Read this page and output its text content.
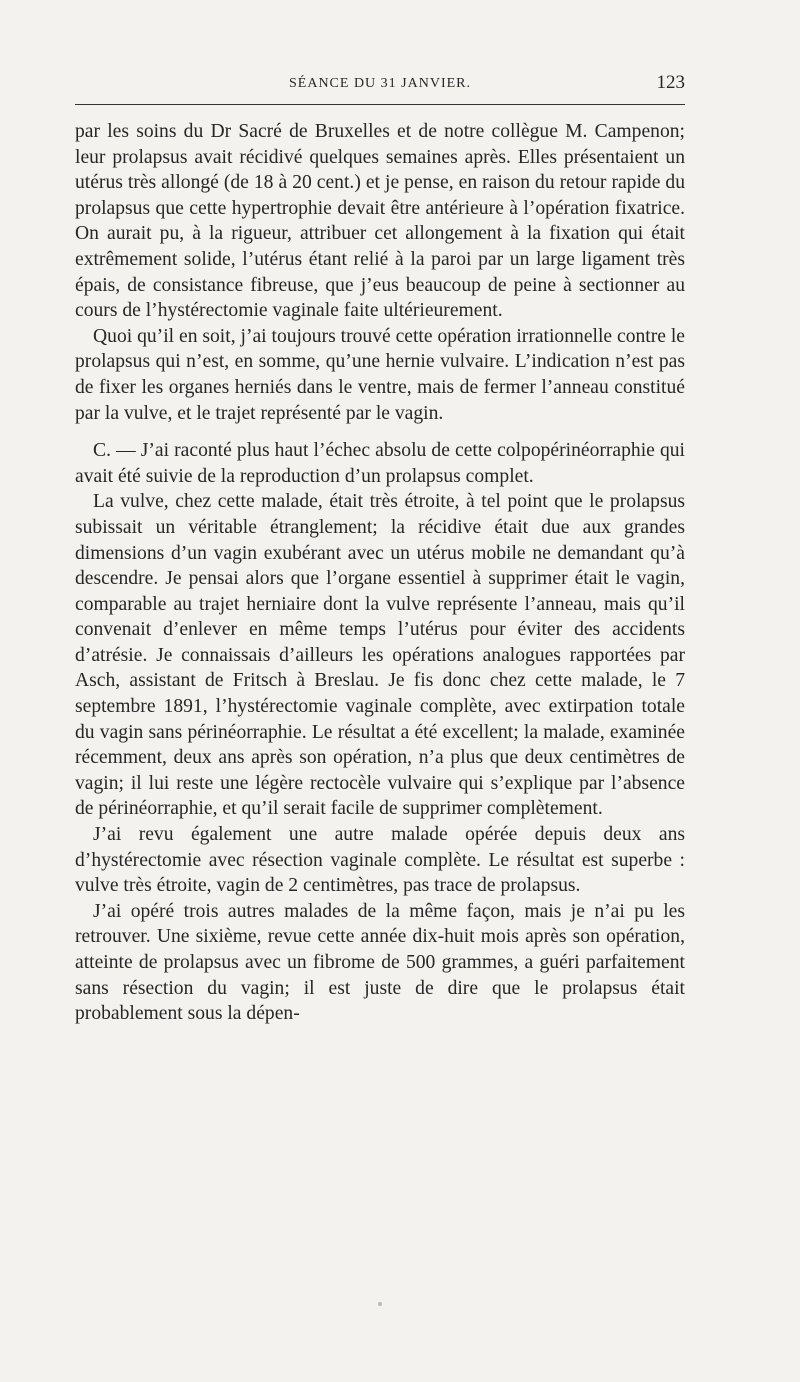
SÉANCE DU 31 JANVIER.	123

par les soins du Dr Sacré de Bruxelles et de notre collègue M. Campenon; leur prolapsus avait récidivé quelques semaines après. Elles présentaient un utérus très allongé (de 18 à 20 cent.) et je pense, en raison du retour rapide du prolapsus que cette hypertrophie devait être antérieure à l’opération fixatrice. On aurait pu, à la rigueur, attribuer cet allongement à la fixation qui était extrêmement solide, l’utérus étant relié à la paroi par un large ligament très épais, de consistance fibreuse, que j’eus beaucoup de peine à sectionner au cours de l’hystérectomie vaginale faite ultérieurement.

Quoi qu’il en soit, j’ai toujours trouvé cette opération irrationnelle contre le prolapsus qui n’est, en somme, qu’une hernie vulvaire. L’indication n’est pas de fixer les organes herniés dans le ventre, mais de fermer l’anneau constitué par la vulve, et le trajet représenté par le vagin.

C. — J’ai raconté plus haut l’échec absolu de cette colpopérinéorraphie qui avait été suivie de la reproduction d’un prolapsus complet.

La vulve, chez cette malade, était très étroite, à tel point que le prolapsus subissait un véritable étranglement; la récidive était due aux grandes dimensions d’un vagin exubérant avec un utérus mobile ne demandant qu’à descendre. Je pensai alors que l’organe essentiel à supprimer était le vagin, comparable au trajet herniaire dont la vulve représente l’anneau, mais qu’il convenait d’enlever en même temps l’utérus pour éviter des accidents d’atrésie. Je connaissais d’ailleurs les opérations analogues rapportées par Asch, assistant de Fritsch à Breslau. Je fis donc chez cette malade, le 7 septembre 1891, l’hystérectomie vaginale complète, avec extirpation totale du vagin sans périnéorraphie. Le résultat a été excellent; la malade, examinée récemment, deux ans après son opération, n’a plus que deux centimètres de vagin; il lui reste une légère rectocèle vulvaire qui s’explique par l’absence de périnéorraphie, et qu’il serait facile de supprimer complètement.

J’ai revu également une autre malade opérée depuis deux ans d’hystérectomie avec résection vaginale complète. Le résultat est superbe : vulve très étroite, vagin de 2 centimètres, pas trace de prolapsus.

J’ai opéré trois autres malades de la même façon, mais je n’ai pu les retrouver. Une sixième, revue cette année dix-huit mois après son opération, atteinte de prolapsus avec un fibrome de 500 grammes, a guéri parfaitement sans résection du vagin; il est juste de dire que le prolapsus était probablement sous la dépen-
